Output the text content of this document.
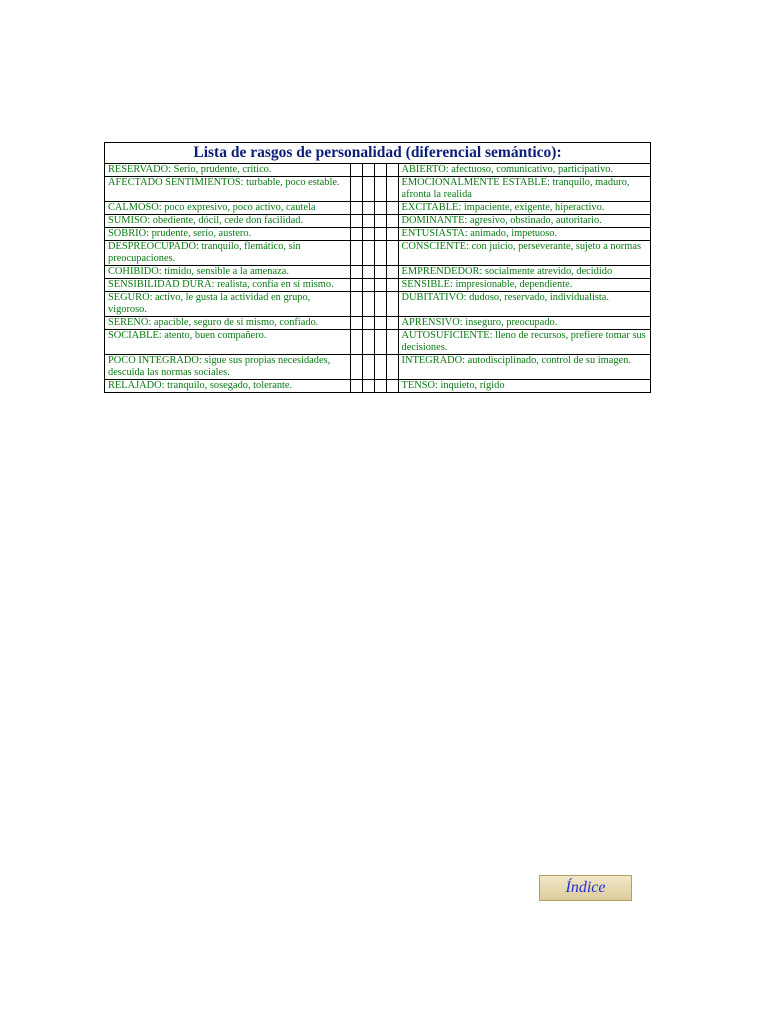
Lista de rasgos de personalidad (diferencial semántico):
RESERVADO: Serio, prudente, crítico.					ABIERTO: afectuoso, comunicativo, participativo.
AFECTADO SENTIMIENTOS: turbable, poco estable.					EMOCIONALMENTE ESTABLE: tranquilo, maduro, afronta la realida
CALMOSO: poco expresivo, poco activo, cautela					EXCITABLE: impaciente, exigente, hiperactivo.
SUMISO: obediente, dócil, cede don facilidad.					DOMINANTE: agresivo, obstinado, autoritario.
SOBRIO: prudente, serio, austero.					ENTUSIASTA: animado, impetuoso.
DESPREOCUPADO: tranquilo, flemático, sin preocupaciones.					CONSCIENTE: con juicio, perseverante, sujeto a normas
COHIBIDO: tímido, sensible a la amenaza.					EMPRENDEDOR: socialmente atrevido, decidido
SENSIBILIDAD DURA: realista, confía en sí mismo.					SENSIBLE: impresionable, dependiente.
SEGURO: activo, le gusta la actividad en grupo, vigoroso.					DUBITATIVO: dudoso, reservado, individualista.
SERENO: apacible, seguro de sí mismo, confiado.					APRENSIVO: inseguro, preocupado.
SOCIABLE: atento, buen compañero.					AUTOSUFICIENTE: lleno de recursos, prefiere tomar sus decisiones.
POCO INTEGRADO: sigue sus propias necesidades, descuida las normas sociales.					INTEGRADO: autodisciplinado, control de su imagen.
RELAJADO: tranquilo, sosegado, tolerante.					TENSO: inquieto, rígido
Índice
